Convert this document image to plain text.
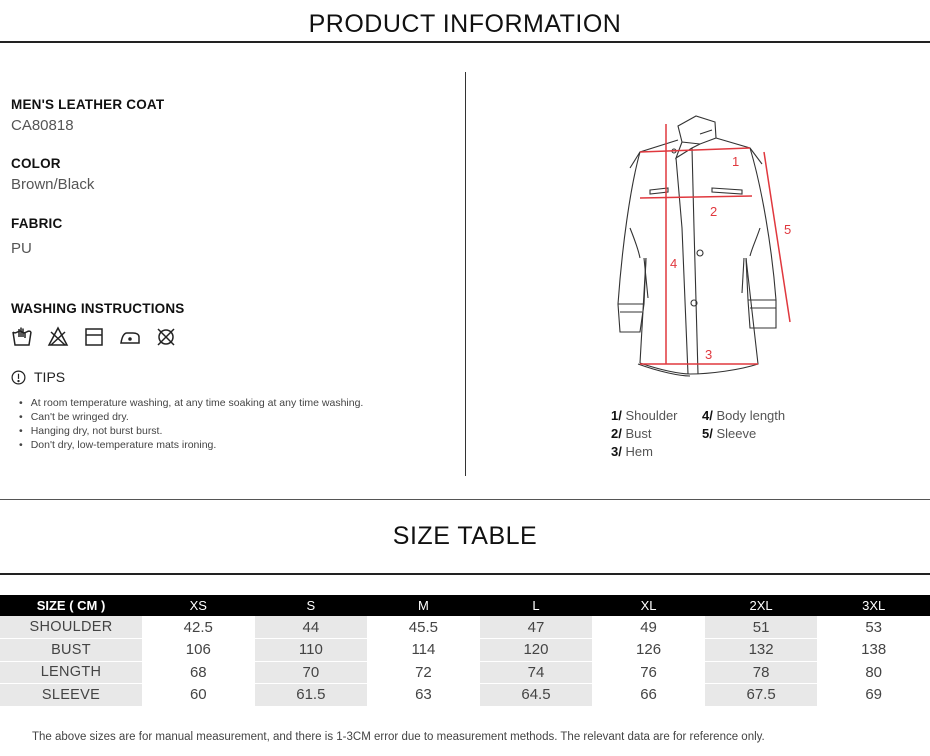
PRODUCT INFORMATION
MEN'S LEATHER COAT
CA80818
COLOR
Brown/Black
FABRIC
PU
WASHING INSTRUCTIONS
TIPS
• At room temperature washing, at any time soaking at any time washing.
• Can't be wringed dry.
• Hanging dry, not burst burst.
• Don't dry, low-temperature mats ironing.
1
2
3
4
5
1/ Shoulder
2/ Bust
3/ Hem
4/ Body length
5/ Sleeve
SIZE TABLE
SIZE ( CM )	XS	S	M	L	XL	2XL	3XL
SHOULDER	42.5	44	45.5	47	49	51	53
BUST	106	110	114	120	126	132	138
LENGTH	68	70	72	74	76	78	80
SLEEVE	60	61.5	63	64.5	66	67.5	69
The above sizes are for manual measurement, and there is 1-3CM error due to measurement methods. The relevant data are for reference only.
